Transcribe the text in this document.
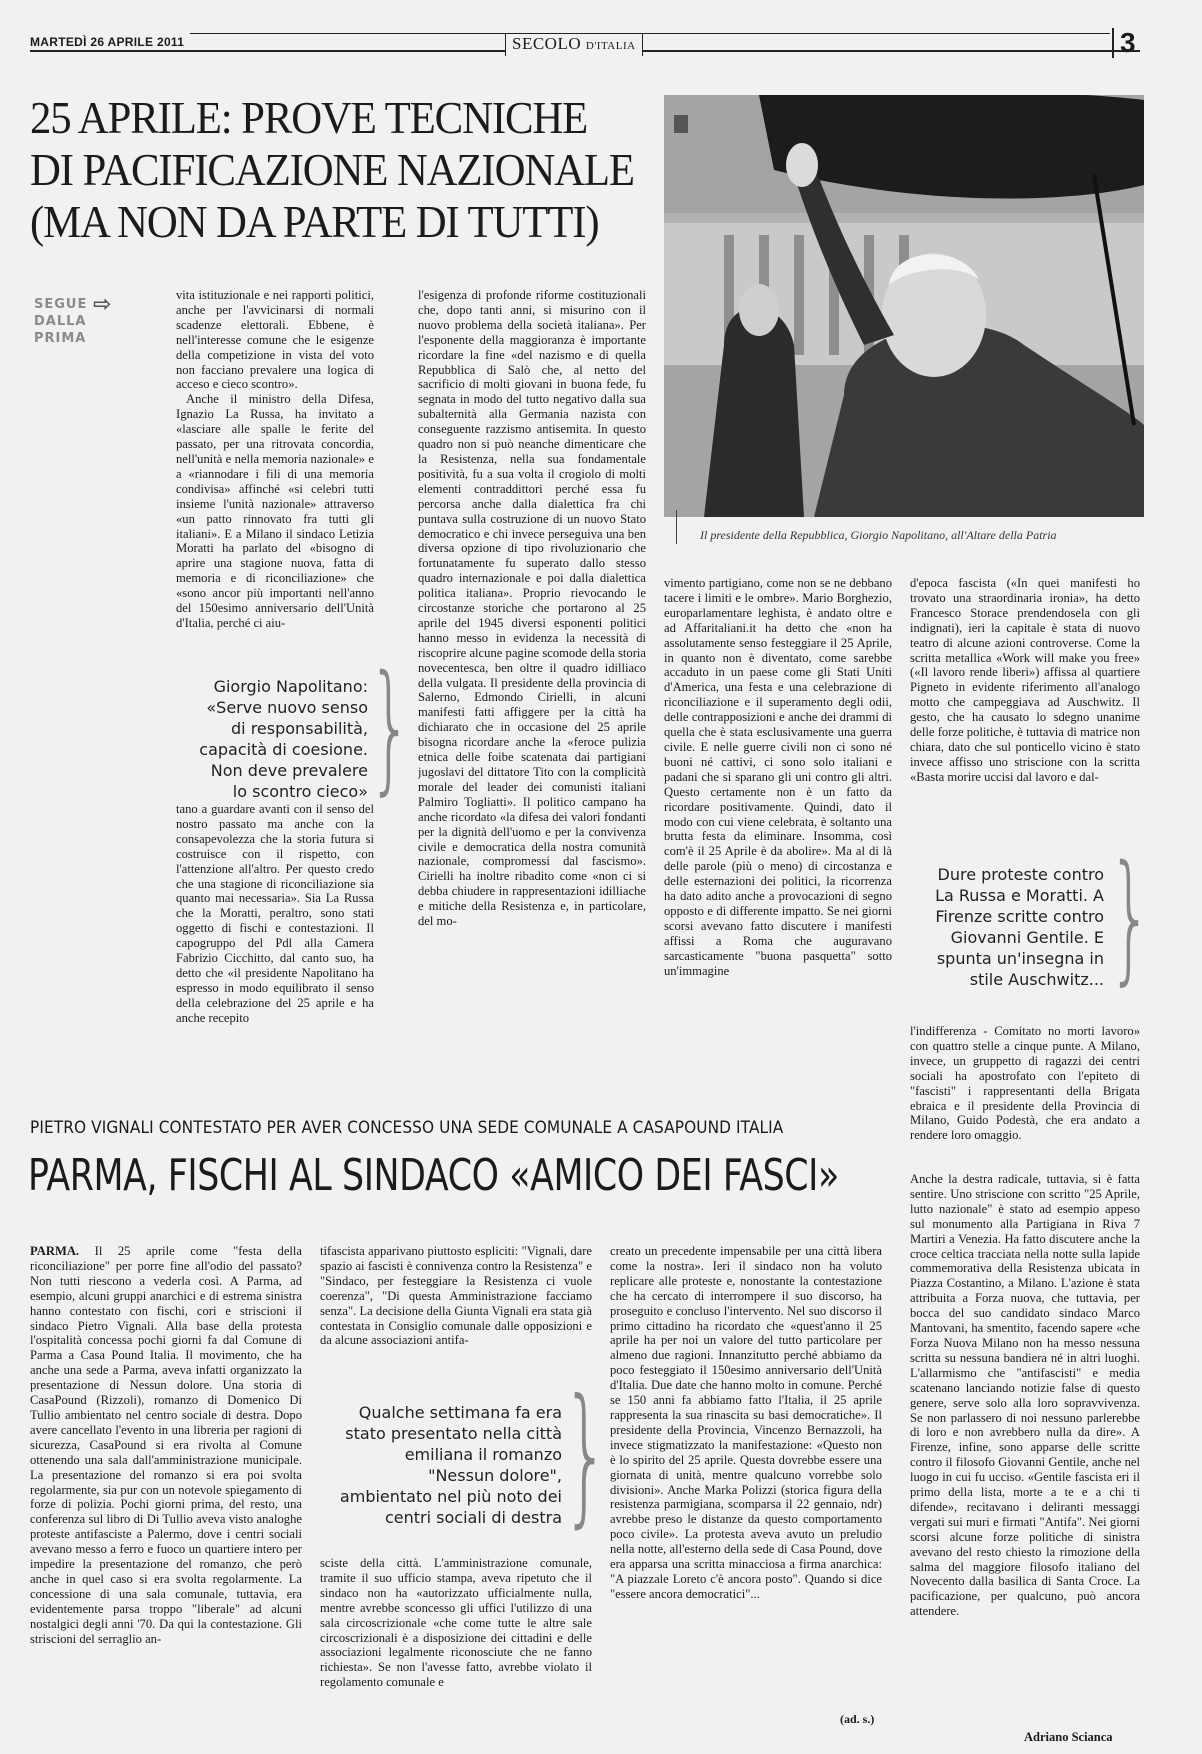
MARTEDÌ 26 APRILE 2011	SECOLO D'ITALIA	3
25 APRILE: PROVE TECNICHE
DI PACIFICAZIONE NAZIONALE
(MA NON DA PARTE DI TUTTI)
SEGUE ⇨
DALLA
PRIMA
Il presidente della Repubblica, Giorgio Napolitano, all'Altare della Patria

vita istituzionale e nei rapporti politici, anche per l'avvicinarsi di normali scadenze elettorali. Ebbene, è nell'interesse comune che le esigenze della competizione in vista del voto non facciano prevalere una logica di acceso e cieco scontro».

Anche il ministro della Difesa, Ignazio La Russa, ha invitato a «lasciare alle spalle le ferite del passato, per una ritrovata concordia, nell'unità e nella memoria nazionale» e a «riannodare i fili di una memoria condivisa» affinché «si celebri tutti insieme l'unità nazionale» attraverso «un patto rinnovato fra tutti gli italiani». E a Milano il sindaco Letizia Moratti ha parlato del «bisogno di aprire una stagione nuova, fatta di memoria e di riconciliazione» che «sono ancor più importanti nell'anno del 150esimo anniversario dell'Unità d'Italia, perché ci aiu-

Giorgio Napolitano: «Serve nuovo senso di responsabilità, capacità di coesione. Non deve prevalere lo scontro cieco» }

tano a guardare avanti con il senso del nostro passato ma anche con la consapevolezza che la storia futura si costruisce con il rispetto, con l'attenzione all'altro. Per questo credo che una stagione di riconciliazione sia quanto mai necessaria». Sia La Russa che la Moratti, peraltro, sono stati oggetto di fischi e contestazioni. Il capogruppo del Pdl alla Camera Fabrizio Cicchitto, dal canto suo, ha detto che «il presidente Napolitano ha espresso in modo equilibrato il senso della celebrazione del 25 aprile e ha anche recepito

l'esigenza di profonde riforme costituzionali che, dopo tanti anni, si misurino con il nuovo problema della società italiana». Per l'esponente della maggioranza è importante ricordare la fine «del nazismo e di quella Repubblica di Salò che, al netto del sacrificio di molti giovani in buona fede, fu segnata in modo del tutto negativo dalla sua subalternità alla Germania nazista con conseguente razzismo antisemita. In questo quadro non si può neanche dimenticare che la Resistenza, nella sua fondamentale positività, fu a sua volta il crogiolo di molti elementi contraddittori perché essa fu percorsa anche dalla dialettica fra chi puntava sulla costruzione di un nuovo Stato democratico e chi invece perseguiva una ben diversa opzione di tipo rivoluzionario che fortunatamente fu superato dallo stesso quadro internazionale e poi dalla dialettica politica italiana». Proprio rievocando le circostanze storiche che portarono al 25 aprile del 1945 diversi esponenti politici hanno messo in evidenza la necessità di riscoprire alcune pagine scomode della storia novecentesca, ben oltre il quadro idilliaco della vulgata. Il presidente della provincia di Salerno, Edmondo Cirielli, in alcuni manifesti fatti affiggere per la città ha dichiarato che in occasione del 25 aprile bisogna ricordare anche la «feroce pulizia etnica delle foibe scatenata dai partigiani jugoslavi del dittatore Tito con la complicità morale del leader dei comunisti italiani Palmiro Togliatti». Il politico campano ha anche ricordato «la difesa dei valori fondanti per la dignità dell'uomo e per la convivenza civile e democratica della nostra comunità nazionale, compromessi dal fascismo». Cirielli ha inoltre ribadito come «non ci si debba chiudere in rappresentazioni idilliache e mitiche della Resistenza e, in particolare, del mo-

vimento partigiano, come non se ne debbano tacere i limiti e le ombre». Mario Borghezio, europarlamentare leghista, è andato oltre e ad Affaritaliani.it ha detto che «non ha assolutamente senso festeggiare il 25 Aprile, in quanto non è diventato, come sarebbe accaduto in un paese come gli Stati Uniti d'America, una festa e una celebrazione di riconciliazione e il superamento degli odii, delle contrapposizioni e anche dei drammi di quella che è stata esclusivamente una guerra civile. E nelle guerre civili non ci sono né buoni né cattivi, ci sono solo italiani e padani che si sparano gli uni contro gli altri. Questo certamente non è un fatto da ricordare positivamente. Quindi, dato il modo con cui viene celebrata, è soltanto una brutta festa da eliminare. Insomma, così com'è il 25 Aprile è da abolire». Ma al di là delle parole (più o meno) di circostanza e delle esternazioni dei politici, la ricorrenza ha dato adito anche a provocazioni di segno opposto e di differente impatto. Se nei giorni scorsi avevano fatto discutere i manifesti affissi a Roma che auguravano sarcasticamente "buona pasquetta" sotto un'immagine

d'epoca fascista («In quei manifesti ho trovato una straordinaria ironia», ha detto Francesco Storace prendendosela con gli indignati), ieri la capitale è stata di nuovo teatro di alcune azioni controverse. Come la scritta metallica «Work will make you free» («Il lavoro rende liberi») affissa al quartiere Pigneto in evidente riferimento all'analogo motto che campeggiava ad Auschwitz. Il gesto, che ha causato lo sdegno unanime delle forze politiche, è tuttavia di matrice non chiara, dato che sul ponticello vicino è stato invece affisso uno striscione con la scritta «Basta morire uccisi dal lavoro e dal-

Dure proteste contro La Russa e Moratti. A Firenze scritte contro Giovanni Gentile. E spunta un'insegna in stile Auschwitz... }

l'indifferenza - Comitato no morti lavoro» con quattro stelle a cinque punte. A Milano, invece, un gruppetto di ragazzi dei centri sociali ha apostrofato con l'epiteto di "fascisti" i rappresentanti della Brigata ebraica e il presidente della Provincia di Milano, Guido Podestà, che era andato a rendere loro omaggio.

PIETRO VIGNALI CONTESTATO PER AVER CONCESSO UNA SEDE COMUNALE A CASAPOUND ITALIA
PARMA, FISCHI AL SINDACO «AMICO DEI FASCI»

PARMA. Il 25 aprile come "festa della riconciliazione" per porre fine all'odio del passato? Non tutti riescono a vederla così. A Parma, ad esempio, alcuni gruppi anarchici e di estrema sinistra hanno contestato con fischi, cori e striscioni il sindaco Pietro Vignali. Alla base della protesta l'ospitalità concessa pochi giorni fa dal Comune di Parma a Casa Pound Italia. Il movimento, che ha anche una sede a Parma, aveva infatti organizzato la presentazione di Nessun dolore. Una storia di CasaPound (Rizzoli), romanzo di Domenico Di Tullio ambientato nel centro sociale di destra. Dopo avere cancellato l'evento in una libreria per ragioni di sicurezza, CasaPound si era rivolta al Comune ottenendo una sala dall'amministrazione municipale. La presentazione del romanzo si era poi svolta regolarmente, sia pur con un notevole spiegamento di forze di polizia. Pochi giorni prima, del resto, una conferenza sul libro di Di Tullio aveva visto analoghe proteste antifasciste a Palermo, dove i centri sociali avevano messo a ferro e fuoco un quartiere intero per impedire la presentazione del romanzo, che però anche in quel caso si era svolta regolarmente. La concessione di una sala comunale, tuttavia, era evidentemente parsa troppo "liberale" ad alcuni nostalgici degli anni '70. Da qui la contestazione. Gli striscioni del serraglio an-

tifascista apparivano piuttosto espliciti: "Vignali, dare spazio ai fascisti è connivenza contro la Resistenza" e "Sindaco, per festeggiare la Resistenza ci vuole coerenza", "Di questa Amministrazione facciamo senza". La decisione della Giunta Vignali era stata già contestata in Consiglio comunale dalle opposizioni e da alcune associazioni antifa-

Qualche settimana fa era stato presentato nella città emiliana il romanzo "Nessun dolore", ambientato nel più noto dei centri sociali di destra }

sciste della città. L'amministrazione comunale, tramite il suo ufficio stampa, aveva ripetuto che il sindaco non ha «autorizzato ufficialmente nulla, mentre avrebbe sconcesso gli uffici l'utilizzo di una sala circoscrizionale «che come tutte le altre sale circoscrizionali è a disposizione dei cittadini e delle associazioni legalmente riconosciute che ne fanno richiesta». Se non l'avesse fatto, avrebbe violato il regolamento comunale e

creato un precedente impensabile per una città libera come la nostra». Ieri il sindaco non ha voluto replicare alle proteste e, nonostante la contestazione che ha cercato di interrompere il suo discorso, ha proseguito e concluso l'intervento. Nel suo discorso il primo cittadino ha ricordato che «quest'anno il 25 aprile ha per noi un valore del tutto particolare per almeno due ragioni. Innanzitutto perché abbiamo da poco festeggiato il 150esimo anniversario dell'Unità d'Italia. Due date che hanno molto in comune. Perché se 150 anni fa abbiamo fatto l'Italia, il 25 aprile rappresenta la sua rinascita su basi democratiche». Il presidente della Provincia, Vincenzo Bernazzoli, ha invece stigmatizzato la manifestazione: «Questo non è lo spirito del 25 aprile. Questa dovrebbe essere una giornata di unità, mentre qualcuno vorrebbe solo divisioni». Anche Marka Polizzi (storica figura della resistenza parmigiana, scomparsa il 22 gennaio, ndr) avrebbe preso le distanze da questo comportamento poco civile». La protesta aveva avuto un preludio nella notte, all'esterno della sede di Casa Pound, dove era apparsa una scritta minacciosa a firma anarchica: "A piazzale Loreto c'è ancora posto". Quando si dice "essere ancora democratici"...

(ad. s.)

Anche la destra radicale, tuttavia, si è fatta sentire. Uno striscione con scritto "25 Aprile, lutto nazionale" è stato ad esempio appeso sul monumento alla Partigiana in Riva 7 Martiri a Venezia. Ha fatto discutere anche la croce celtica tracciata nella notte sulla lapide commemorativa della Resistenza ubicata in Piazza Costantino, a Milano. L'azione è stata attribuita a Forza nuova, che tuttavia, per bocca del suo candidato sindaco Marco Mantovani, ha smentito, facendo sapere «che Forza Nuova Milano non ha messo nessuna scritta su nessuna bandiera né in altri luoghi. L'allarmismo che "antifascisti" e media scatenano lanciando notizie false di questo genere, serve solo alla loro sopravvivenza. Se non parlassero di noi nessuno parlerebbe di loro e non avrebbero nulla da dire». A Firenze, infine, sono apparse delle scritte contro il filosofo Giovanni Gentile, anche nel luogo in cui fu ucciso. «Gentile fascista eri il primo della lista, morte a te e a chi ti difende», recitavano i deliranti messaggi vergati sui muri e firmati "Antifa". Nei giorni scorsi alcune forze politiche di sinistra avevano del resto chiesto la rimozione della salma del maggiore filosofo italiano del Novecento dalla basilica di Santa Croce. La pacificazione, per qualcuno, può ancora attendere.

Adriano Scianca
